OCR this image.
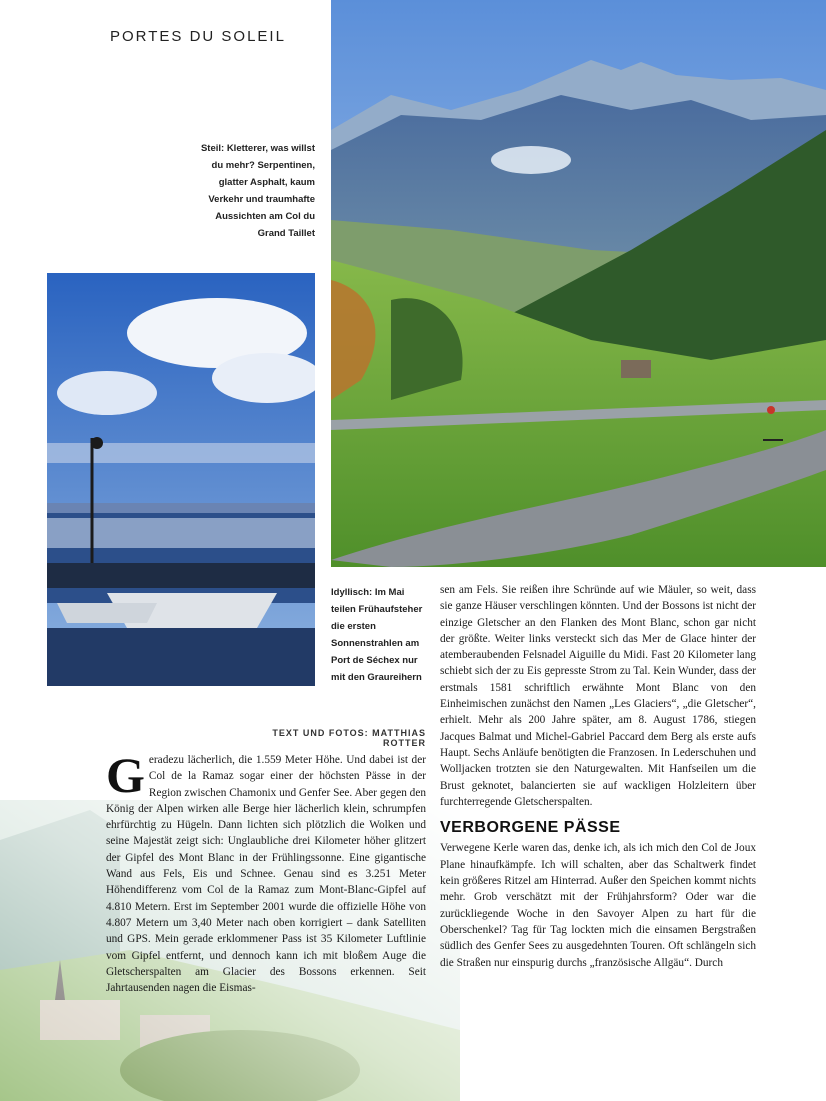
PORTES DU SOLEIL
Steil: Kletterer, was willst du mehr? Serpentinen, glatter Asphalt, kaum Verkehr und traumhafte Aussichten am Col du Grand Taillet
Idyllisch: Im Mai teilen Frühaufsteher die ersten Sonnenstrahlen am Port de Séchex nur mit den Graureihern
TEXT UND FOTOS: MATTHIAS ROTTER
G eradezu lächerlich, die 1.559 Meter Höhe. Und dabei ist der Col de la Ramaz sogar einer der höchsten Pässe in der Region zwischen Chamonix und Genfer See. Aber gegen den König der Alpen wirken alle Berge hier lächerlich klein, schrumpfen ehrfürchtig zu Hügeln. Dann lichten sich plötzlich die Wolken und seine Majestät zeigt sich: Unglaubliche drei Kilometer höher glitzert der Gipfel des Mont Blanc in der Frühlingssonne. Eine gigantische Wand aus Fels, Eis und Schnee. Genau sind es 3.251 Meter Höhendifferenz vom Col de la Ramaz zum Mont-Blanc-Gipfel auf 4.810 Metern. Erst im September 2001 wurde die offizielle Höhe von 4.807 Metern um 3,40 Meter nach oben korrigiert – dank Satelliten und GPS. Mein gerade erklommener Pass ist 35 Kilometer Luftlinie vom Gipfel entfernt, und dennoch kann ich mit bloßem Auge die Gletscherspalten am Glacier des Bossons erkennen. Seit Jahrtausenden nagen die Eismas-

sen am Fels. Sie reißen ihre Schründe auf wie Mäuler, so weit, dass sie ganze Häuser verschlingen könnten. Und der Bossons ist nicht der einzige Gletscher an den Flanken des Mont Blanc, schon gar nicht der größte. Weiter links versteckt sich das Mer de Glace hinter der atemberaubenden Felsnadel Aiguille du Midi. Fast 20 Kilometer lang schiebt sich der zu Eis gepresste Strom zu Tal. Kein Wunder, dass der erstmals 1581 schriftlich erwähnte Mont Blanc von den Einheimischen zunächst den Namen „Les Glaciers“, „die Gletscher“, erhielt. Mehr als 200 Jahre später, am 8. August 1786, stiegen Jacques Balmat und Michel-Gabriel Paccard dem Berg als erste aufs Haupt. Sechs Anläufe benötigten die Franzosen. In Lederschuhen und Wolljacken trotzten sie den Naturgewalten. Mit Hanfseilen um die Brust geknotet, balancierten sie auf wackligen Holzleitern über furchterregende Gletscherspalten.

VERBORGENE PÄSSE

Verwegene Kerle waren das, denke ich, als ich mich den Col de Joux Plane hinaufkämpfe. Ich will schalten, aber das Schaltwerk findet kein größeres Ritzel am Hinterrad. Außer den Speichen kommt nichts mehr. Grob verschätzt mit der Frühjahrsform? Oder war die zurückliegende Woche in den Savoyer Alpen zu hart für die Oberschenkel? Tag für Tag lockten mich die einsamen Bergstraßen südlich des Genfer Sees zu ausgedehnten Touren. Oft schlängeln sich die Straßen nur einspurig durchs „französische Allgäu“. Durch
